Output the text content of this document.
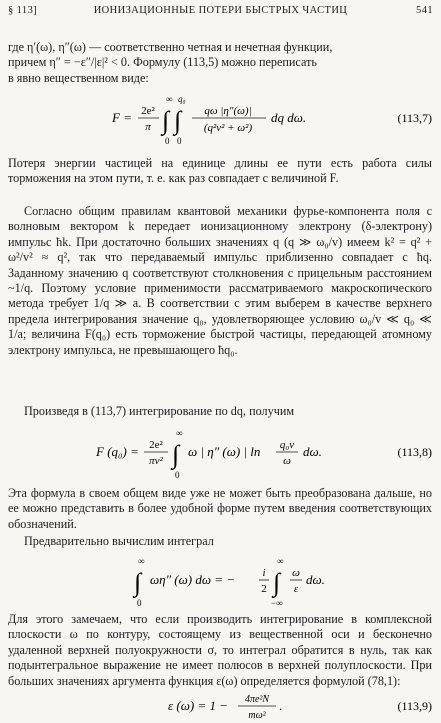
§ 113]	ИОНИЗАЦИОННЫЕ ПОТЕРИ БЫСТРЫХ ЧАСТИЦ	541

где η′(ω), η″(ω) — соответственно четная и нечетная функции,
причем η″ = −ε″/|ε|² < 0. Формулу (113,5) можно переписать
в явно вещественном виде:

F = 2e²
π ∫
∞
0
∫
q₀
0
qω |η″(ω)|
(q²v² + ω²)
dq dω.	(113,7)

Потеря энергии частицей на единице длины ее пути есть работа силы торможения на этом пути, т. е. как раз совпадает с величиной F.

Согласно общим правилам квантовой механики фурье-компонента поля с волновым вектором k передает ионизационному электрону (δ-электрону) импульс ħk. При достаточно больших значениях q (q ≫ ω₀/v) имеем k² = q² + ω²/v² ≈ q², так что передаваемый импульс приблизенно совпадает с ħq. Заданному значению q соответствуют столкновения с прицельным расстоянием ~1/q. Поэтому условие применимости рассматриваемого макроскопического метода требует 1/q ≫ a. В соответствии с этим выберем в качестве верхнего предела интегрирования значение q₀, удовлетворяющее условию ω₀/v ≪ q₀ ≪ 1/a; величина F(q₀) есть торможение быстрой частицы, передающей атомному электрону импульса, не превышающего ħq₀.

Произведя в (113,7) интегрирование по dq, получим

F (q₀) = 2e²
πv² ∫
∞
0
ω | η″ (ω) | ln q₀v
ω
dω.	(113,8)

Эта формула в своем общем виде уже не может быть преобразована дальше, но ее можно представить в более удобной форме путем введения соответствующих обозначений.

Предварительно вычислим интеграл

∫
∞
0
ωη″ (ω) dω = − i
2 ∫
∞
−∞
ω
ε
dω.

Для этого замечаем, что если производить интегрирование в комплексной плоскости ω по контуру, состоящему из вещественной оси и бесконечно удаленной верхней полуокружности σ, то интеграл обратится в нуль, так как подынтегральное выражение не имеет полюсов в верхней полуплоскости. При больших значениях аргумента функция ε(ω) определяется формулой (78,1):

ε (ω) = 1 − 4πe²N
mω²
.	(113,9)
